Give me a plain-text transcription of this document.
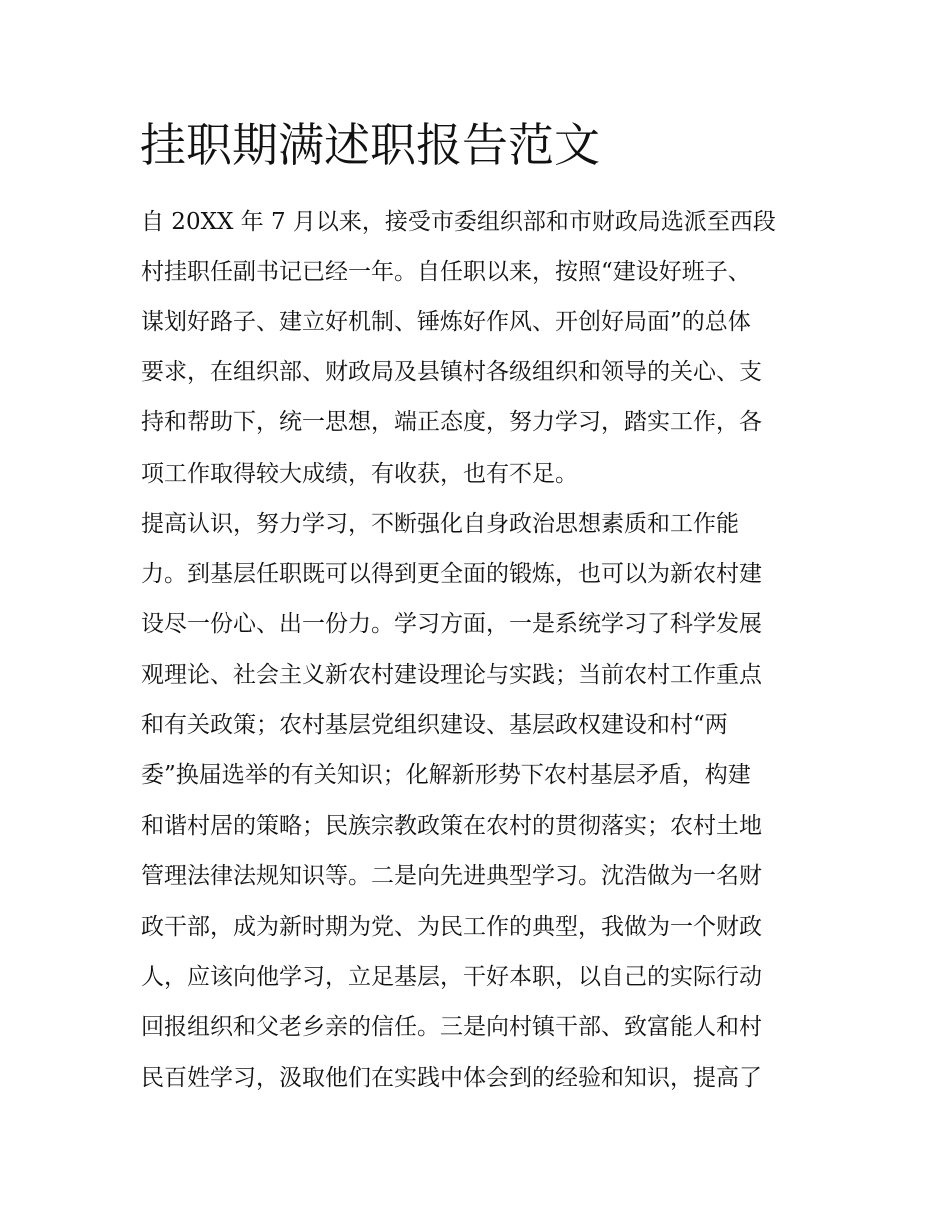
挂职期满述职报告范文

自 20XX 年 7 月以来，接受市委组织部和市财政局选派至西段

村挂职任副书记已经一年。自任职以来，按照“建设好班子、

谋划好路子、建立好机制、锤炼好作风、开创好局面”的总体

要求，在组织部、财政局及县镇村各级组织和领导的关心、支

持和帮助下，统一思想，端正态度，努力学习，踏实工作，各

项工作取得较大成绩，有收获，也有不足。

提高认识，努力学习，不断强化自身政治思想素质和工作能

力。到基层任职既可以得到更全面的锻炼，也可以为新农村建

设尽一份心、出一份力。学习方面，一是系统学习了科学发展

观理论、社会主义新农村建设理论与实践；当前农村工作重点

和有关政策；农村基层党组织建设、基层政权建设和村“两

委”换届选举的有关知识；化解新形势下农村基层矛盾，构建

和谐村居的策略；民族宗教政策在农村的贯彻落实；农村土地

管理法律法规知识等。二是向先进典型学习。沈浩做为一名财

政干部，成为新时期为党、为民工作的典型，我做为一个财政

人，应该向他学习，立足基层，干好本职，以自己的实际行动

回报组织和父老乡亲的信任。三是向村镇干部、致富能人和村

民百姓学习，汲取他们在实践中体会到的经验和知识，提高了
